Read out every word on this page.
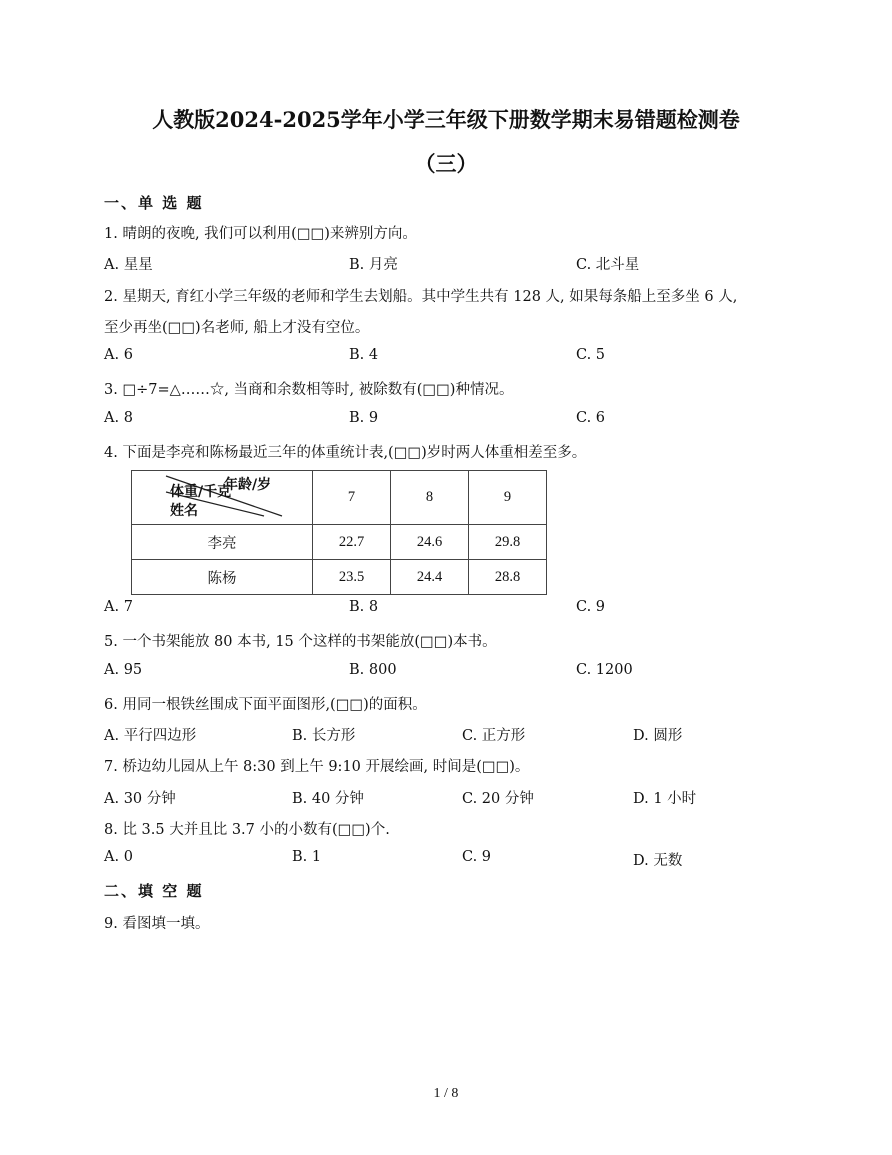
人教版2024-2025学年小学三年级下册数学期末易错题检测卷
（三）
一、单 选 题
1. 晴朗的夜晚, 我们可以利用(□□)来辨别方向。
A. 星星	B. 月亮	C. 北斗星
2. 星期天, 育红小学三年级的老师和学生去划船。其中学生共有 128 人, 如果每条船上至多坐 6 人,
至少再坐(□□)名老师, 船上才没有空位。
A. 6	B. 4	C. 5
3. □÷7=△……☆, 当商和余数相等时, 被除数有(□□)种情况。
A. 8	B. 9	C. 6
4. 下面是李亮和陈杨最近三年的体重统计表,(□□)岁时两人体重相差至多。
年龄/岁
体重/千克
姓名	7	8	9
李亮	22.7	24.6	29.8
陈杨	23.5	24.4	28.8
A. 7	B. 8	C. 9
5. 一个书架能放 80 本书, 15 个这样的书架能放(□□)本书。
A. 95	B. 800	C. 1200
6. 用同一根铁丝围成下面平面图形,(□□)的面积。
A. 平行四边形	B. 长方形	C. 正方形	D. 圆形
7. 桥边幼儿园从上午 8:30 到上午 9:10 开展绘画, 时间是(□□)。
A. 30 分钟	B. 40 分钟	C. 20 分钟	D. 1 小时
8. 比 3.5 大并且比 3.7 小的小数有(□□)个.
A. 0	B. 1	C. 9	D. 无数
二、填 空 题
9. 看图填一填。
1 / 8
